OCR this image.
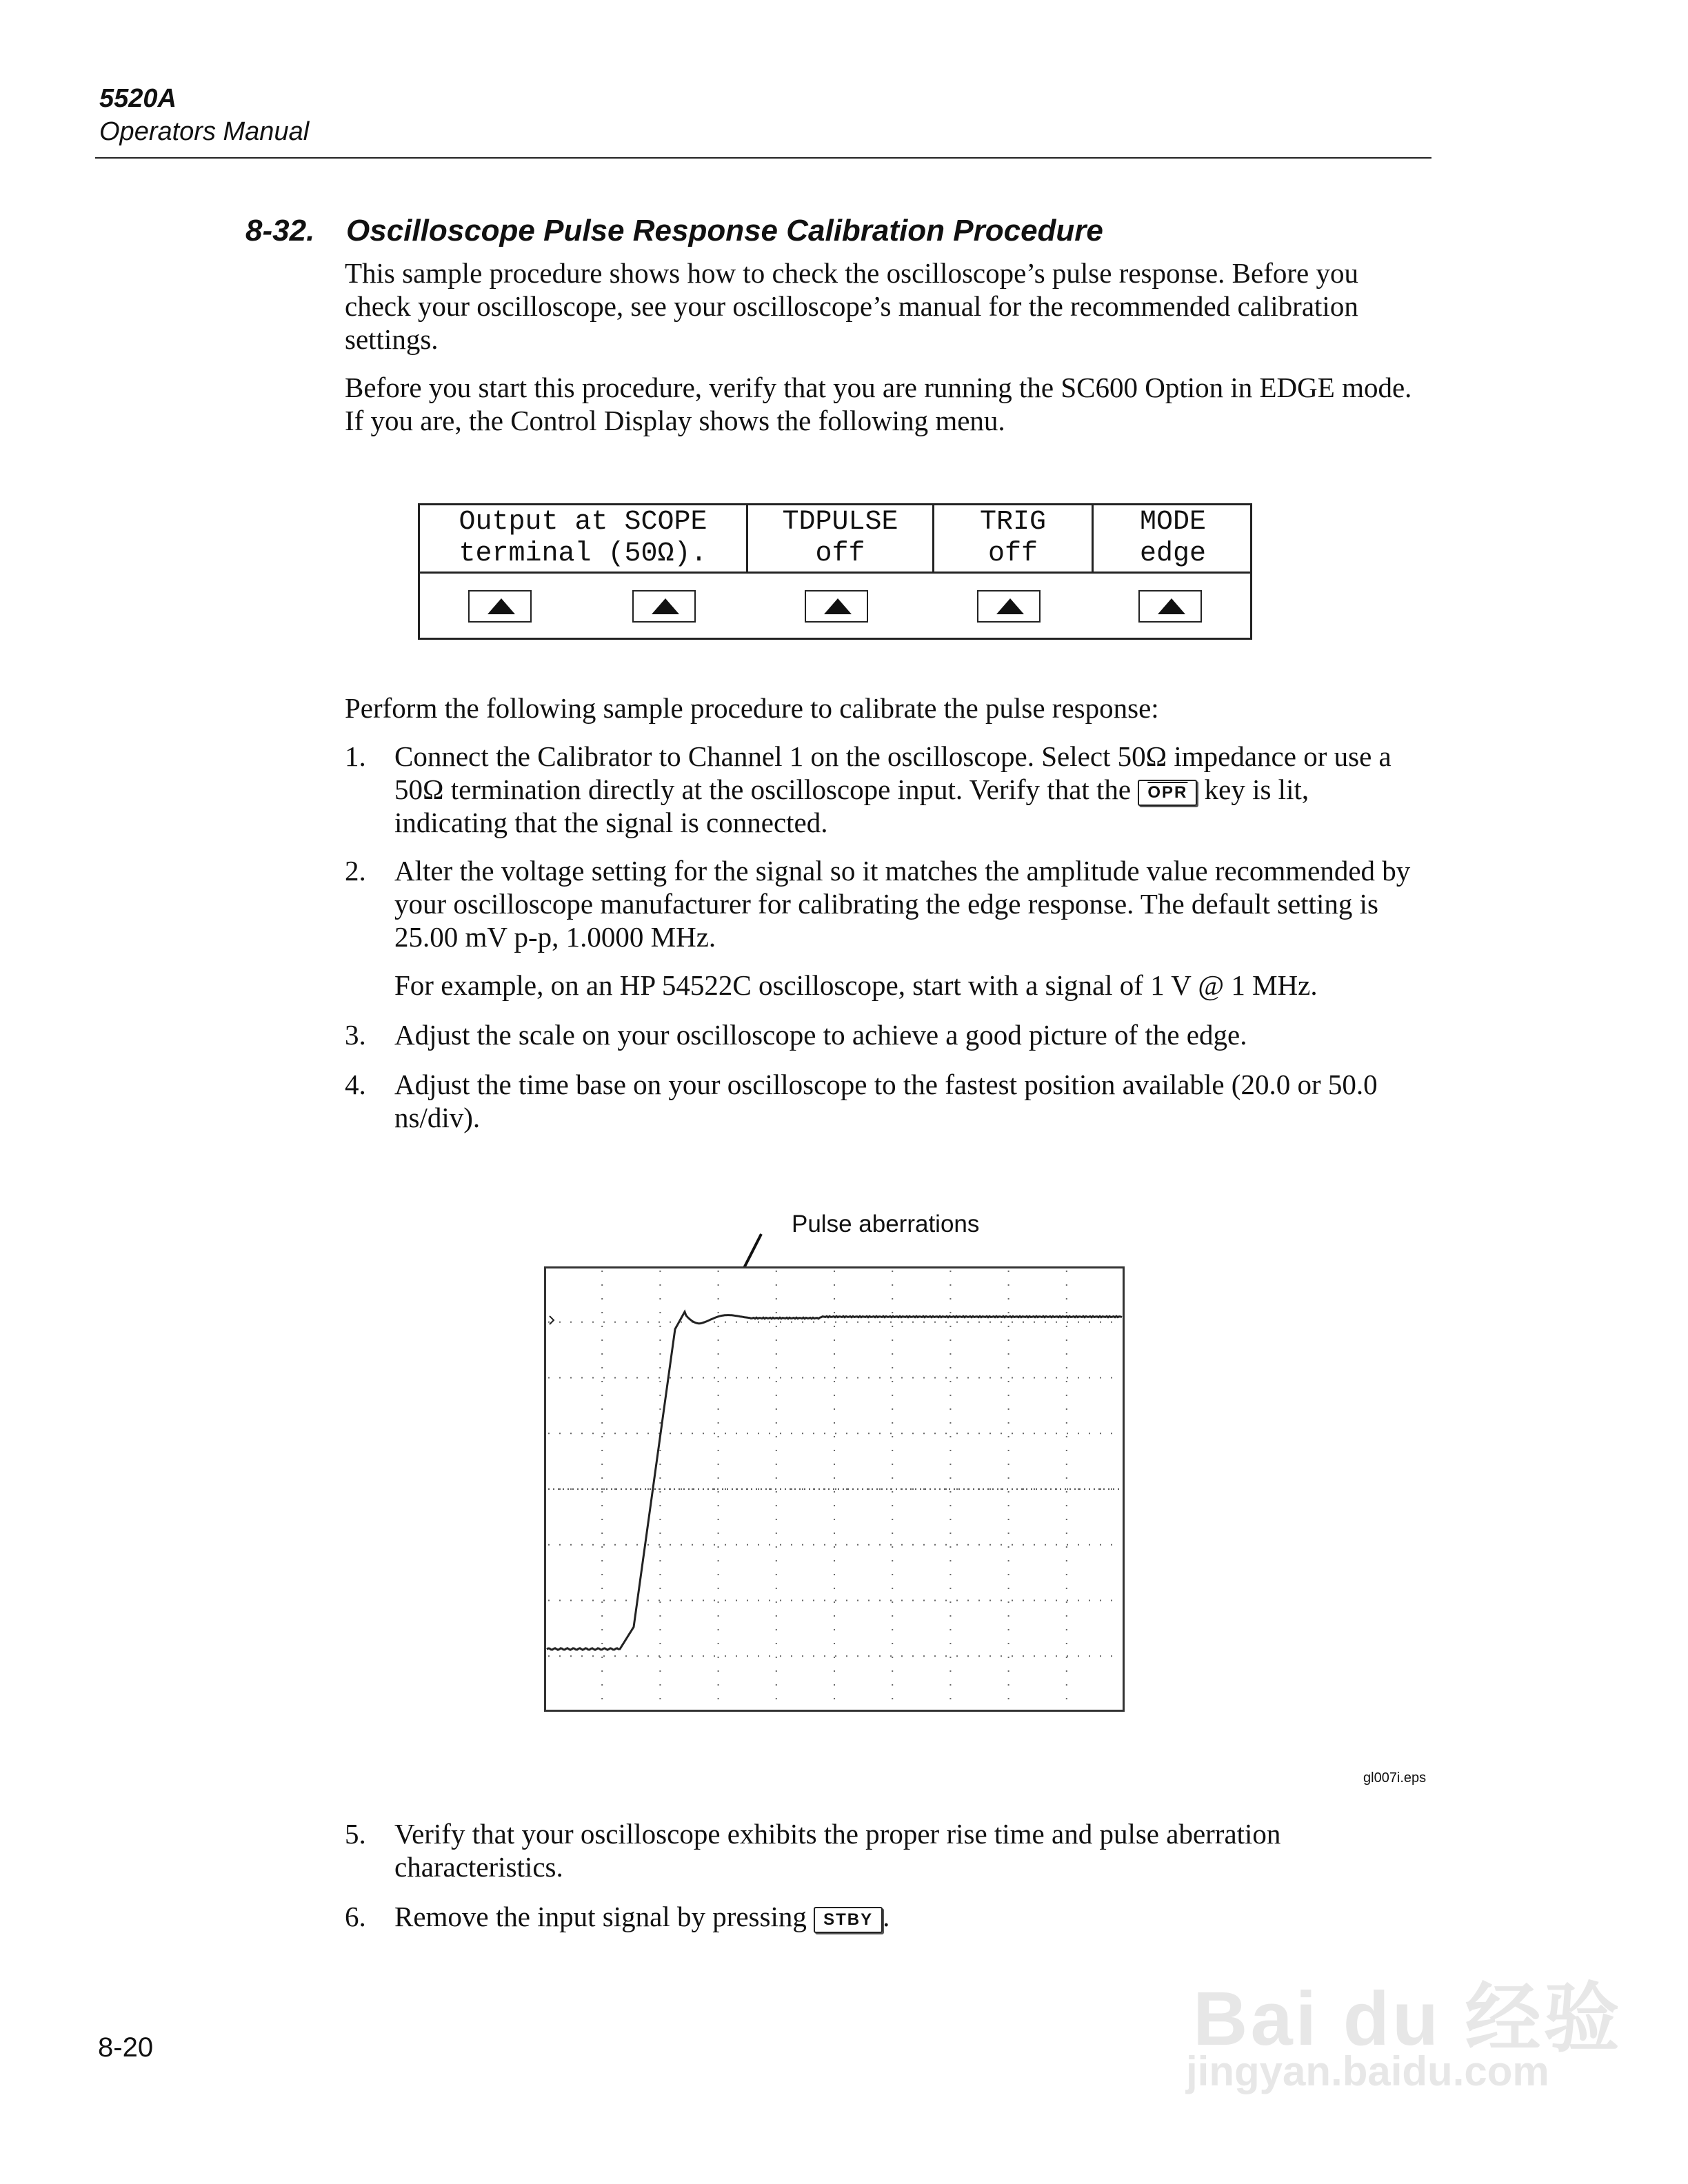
5520A
Operators Manual
8-32. Oscilloscope Pulse Response Calibration Procedure

This sample procedure shows how to check the oscilloscope’s pulse response. Before you check your oscilloscope, see your oscilloscope’s manual for the recommended calibration settings.

Before you start this procedure, verify that you are running the SC600 Option in EDGE mode. If you are, the Control Display shows the following menu.

Output at SCOPE
terminal (50Ω).
TDPULSE
off
TRIG
off
MODE
edge

Perform the following sample procedure to calibrate the pulse response:

1. Connect the Calibrator to Channel 1 on the oscilloscope. Select 50Ω impedance or use a 50Ω termination directly at the oscilloscope input. Verify that the $\overline{OPR}$ key is lit, indicating that the signal is connected.
2. Alter the voltage setting for the signal so it matches the amplitude value recommended by your oscilloscope manufacturer for calibrating the edge response. The default setting is 25.00 mV p-p, 1.0000 MHz.
For example, on an HP 54522C oscilloscope, start with a signal of 1 V @ 1 MHz.
3. Adjust the scale on your oscilloscope to achieve a good picture of the edge.
4. Adjust the time base on your oscilloscope to the fastest position available (20.0 or 50.0 ns/div).
Pulse aberrations
gl007i.eps
5. Verify that your oscilloscope exhibits the proper rise time and pulse aberration characteristics.
6. Remove the input signal by pressing STBY .
8-20	Bai du 经验
jingyan.baidu.com
